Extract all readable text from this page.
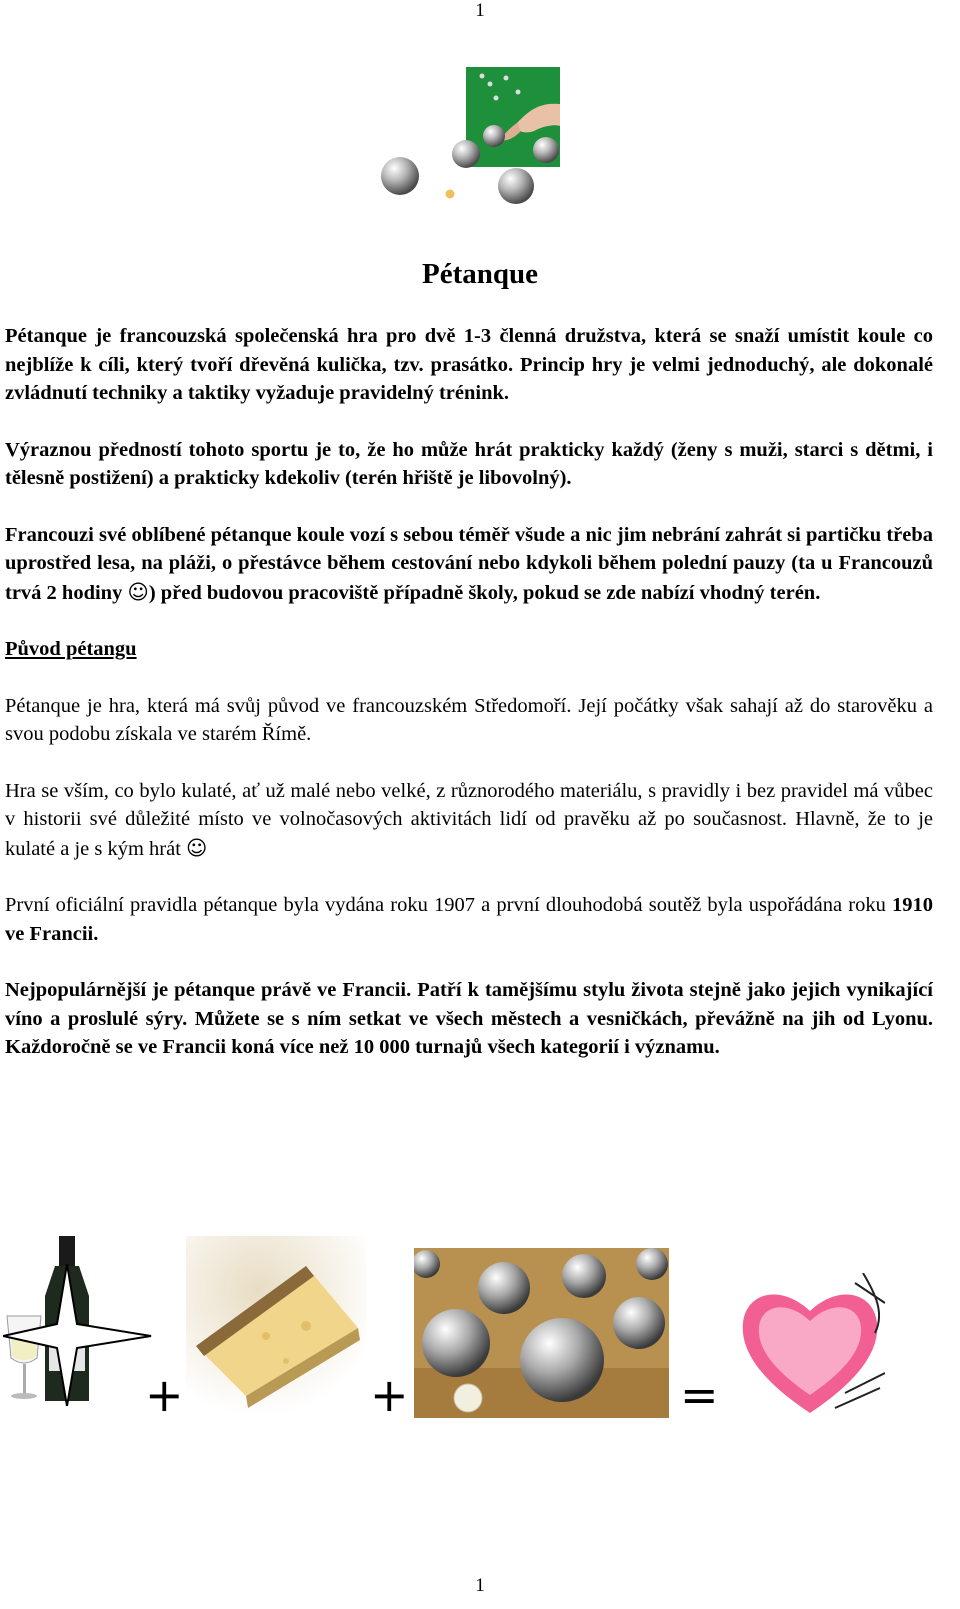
1
Pétanque

Pétanque je francouzská společenská hra pro dvě 1-3 členná družstva, která se snaží umístit koule co nejblíže k cíli, který tvoří dřevěná kulička, tzv. prasátko. Princip hry je velmi jednoduchý, ale dokonalé zvládnutí techniky a taktiky vyžaduje pravidelný trénink.

Výraznou předností tohoto sportu je to, že ho může hrát prakticky každý (ženy s muži, starci s dětmi, i tělesně postižení) a prakticky kdekoliv (terén hřiště je libovolný).

Francouzi své oblíbené pétanque koule vozí s sebou téměř všude a nic jim nebrání zahrát si partičku třeba uprostřed lesa, na pláži, o přestávce během cestování nebo kdykoli během polední pauzy (ta u Francouzů trvá 2 hodiny ☺) před budovou pracoviště případně školy, pokud se zde nabízí vhodný terén.

Původ pétangu

Pétanque je hra, která má svůj původ ve francouzském Středomoří. Její počátky však sahají až do starověku a svou podobu získala ve starém Římě.

Hra se vším, co bylo kulaté, ať už malé nebo velké, z různorodého materiálu, s pravidly i bez pravidel má vůbec v historii své důležité místo ve volnočasových aktivitách lidí od pravěku až po současnost. Hlavně, že to je kulaté a je s kým hrát ☺

První oficiální pravidla pétanque byla vydána roku 1907 a první dlouhodobá soutěž byla uspořádána roku 1910 ve Francii.

Nejpopulárnější je pétanque právě ve Francii. Patří k tamějšímu stylu života stejně jako jejich vynikající víno a proslulé sýry. Můžete se s ním setkat ve všech městech a vesničkách, převážně na jih od Lyonu. Každoročně se ve Francii koná více než 10 000 turnajů všech kategorií i významu.

+	+	=
1
